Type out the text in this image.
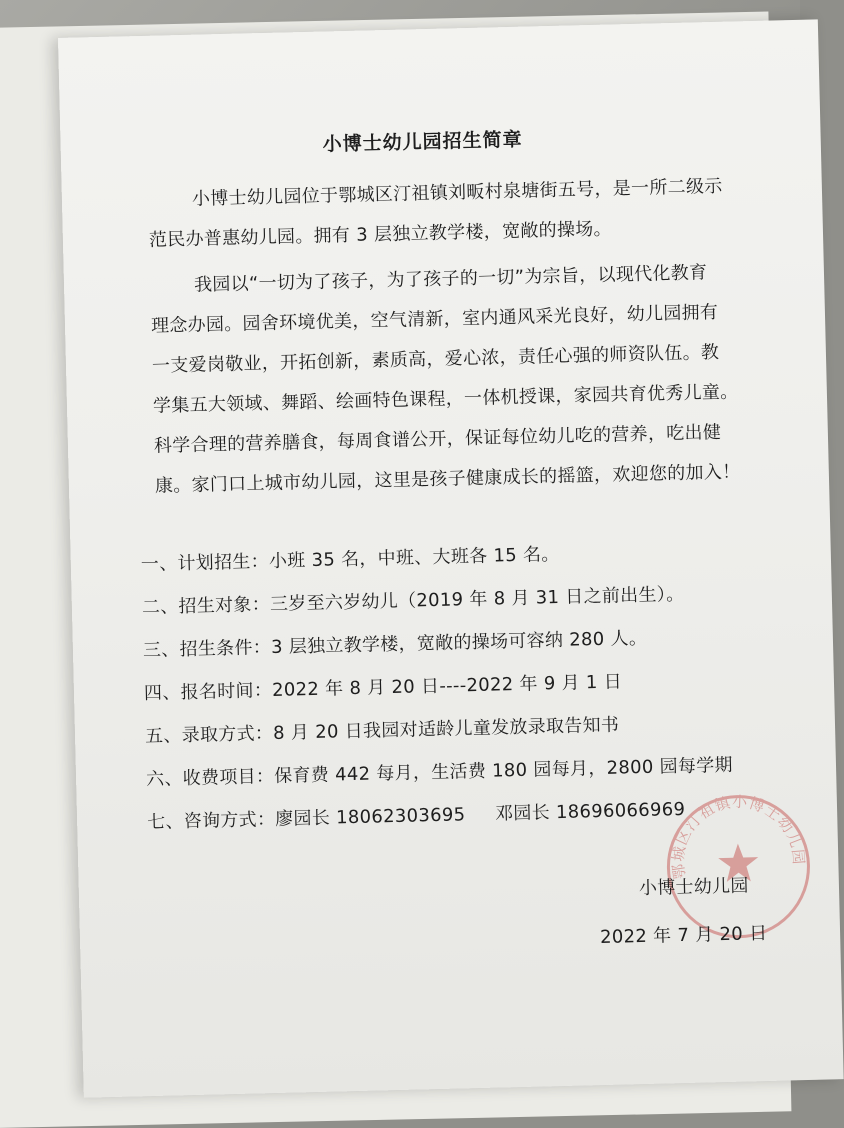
小博士幼儿园招生简章
小博士幼儿园位于鄂城区汀祖镇刘畈村泉塘街五号，是一所二级示
范民办普惠幼儿园。拥有 3 层独立教学楼，宽敞的操场。
我园以“一切为了孩子，为了孩子的一切”为宗旨，以现代化教育
理念办园。园舍环境优美，空气清新，室内通风采光良好，幼儿园拥有
一支爱岗敬业，开拓创新，素质高，爱心浓，责任心强的师资队伍。教
学集五大领域、舞蹈、绘画特色课程，一体机授课，家园共育优秀儿童。
科学合理的营养膳食，每周食谱公开，保证每位幼儿吃的营养，吃出健
康。家门口上城市幼儿园，这里是孩子健康成长的摇篮，欢迎您的加入！
一、计划招生：小班 35 名，中班、大班各 15 名。
二、招生对象：三岁至六岁幼儿（2019 年 8 月 31 日之前出生）。
三、招生条件：3 层独立教学楼，宽敞的操场可容纳 280 人。
四、报名时间：2022 年 8 月 20 日----2022 年 9 月 1 日
五、录取方式：8 月 20 日我园对适龄儿童发放录取告知书
六、收费项目：保育费 442 每月，生活费 180 园每月，2800 园每学期
七、咨询方式：廖园长 18062303695 邓园长 18696066969
鄂城区汀祖镇小博士幼儿园
小博士幼儿园
2022 年 7 月 20 日
